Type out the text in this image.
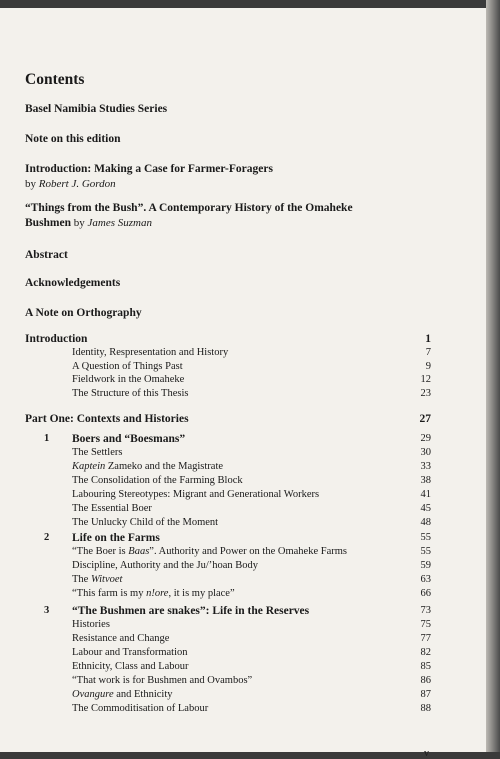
Contents
Basel Namibia Studies Series
Note on this edition
Introduction: Making a Case for Farmer-Foragers
by Robert J. Gordon
“Things from the Bush”. A Contemporary History of the Omaheke
Bushmen by James Suzman
Abstract
Acknowledgements
A Note on Orthography
Introduction	1
Identity, Respresentation and History	7
A Question of Things Past	9
Fieldwork in the Omaheke	12
The Structure of this Thesis	23
Part One: Contexts and Histories	27
1 Boers and “Boesmans”	29
The Settlers	30
Kaptein Zameko and the Magistrate	33
The Consolidation of the Farming Block	38
Labouring Stereotypes: Migrant and Generational Workers	41
The Essential Boer	45
The Unlucky Child of the Moment	48
2 Life on the Farms	55
“The Boer is Baas”. Authority and Power on the Omaheke Farms	55
Discipline, Authority and the Ju/’hoan Body	59
The Witvoet	63
“This farm is my n!ore, it is my place”	66
3 “The Bushmen are snakes”: Life in the Reserves	73
Histories	75
Resistance and Change	77
Labour and Transformation	82
Ethnicity, Class and Labour	85
“That work is for Bushmen and Ovambos”	86
Ovangure and Ethnicity	87
The Commoditisation of Labour	88
v
